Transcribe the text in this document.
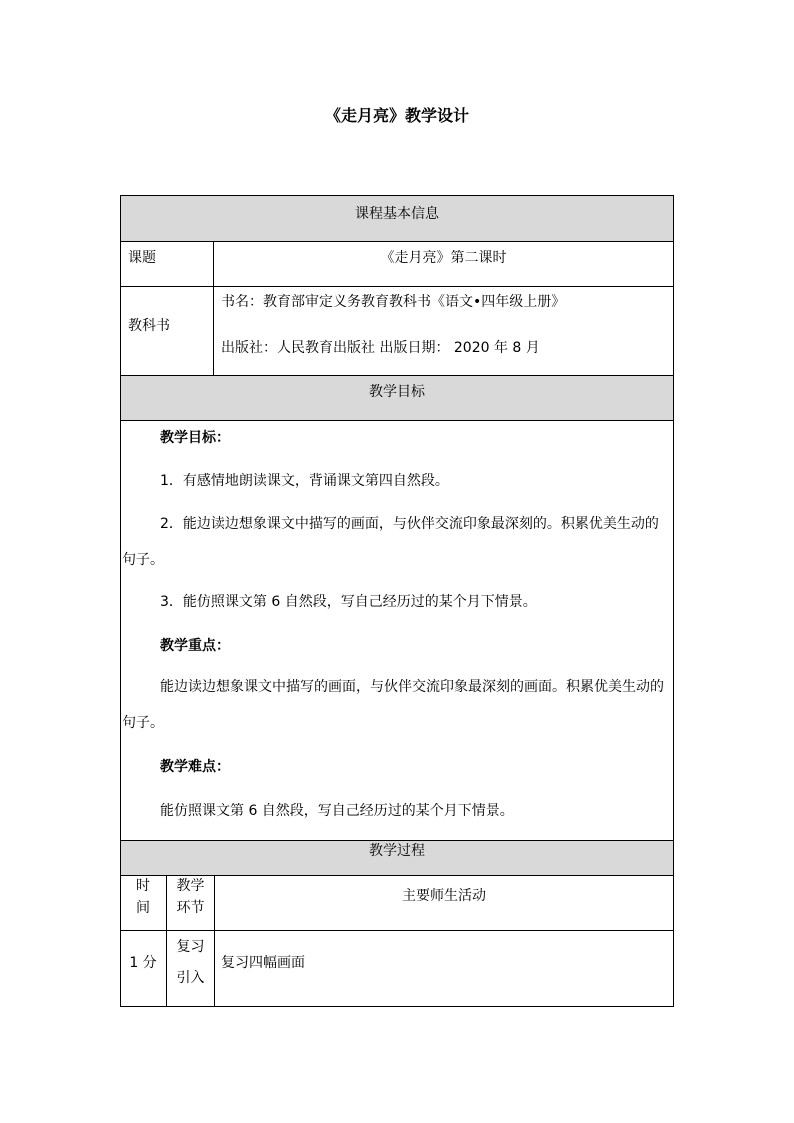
《走月亮》教学设计
课程基本信息
课题	《走月亮》第二课时
教科书
书名：教育部审定义务教育教科书《语文•四年级上册》
出版社：人民教育出版社 出版日期： 2020 年 8 月
教学目标
教学目标：
1．有感情地朗读课文，背诵课文第四自然段。
2．能边读边想象课文中描写的画面，与伙伴交流印象最深刻的。积累优美生动的句子。
3．能仿照课文第 6 自然段，写自己经历过的某个月下情景。
教学重点：
能边读边想象课文中描写的画面，与伙伴交流印象最深刻的画面。积累优美生动的句子。
教学难点：
能仿照课文第 6 自然段，写自己经历过的某个月下情景。
教学过程
时
间
教学
环节
主要师生活动
1 分
复习
引入
复习四幅画面
